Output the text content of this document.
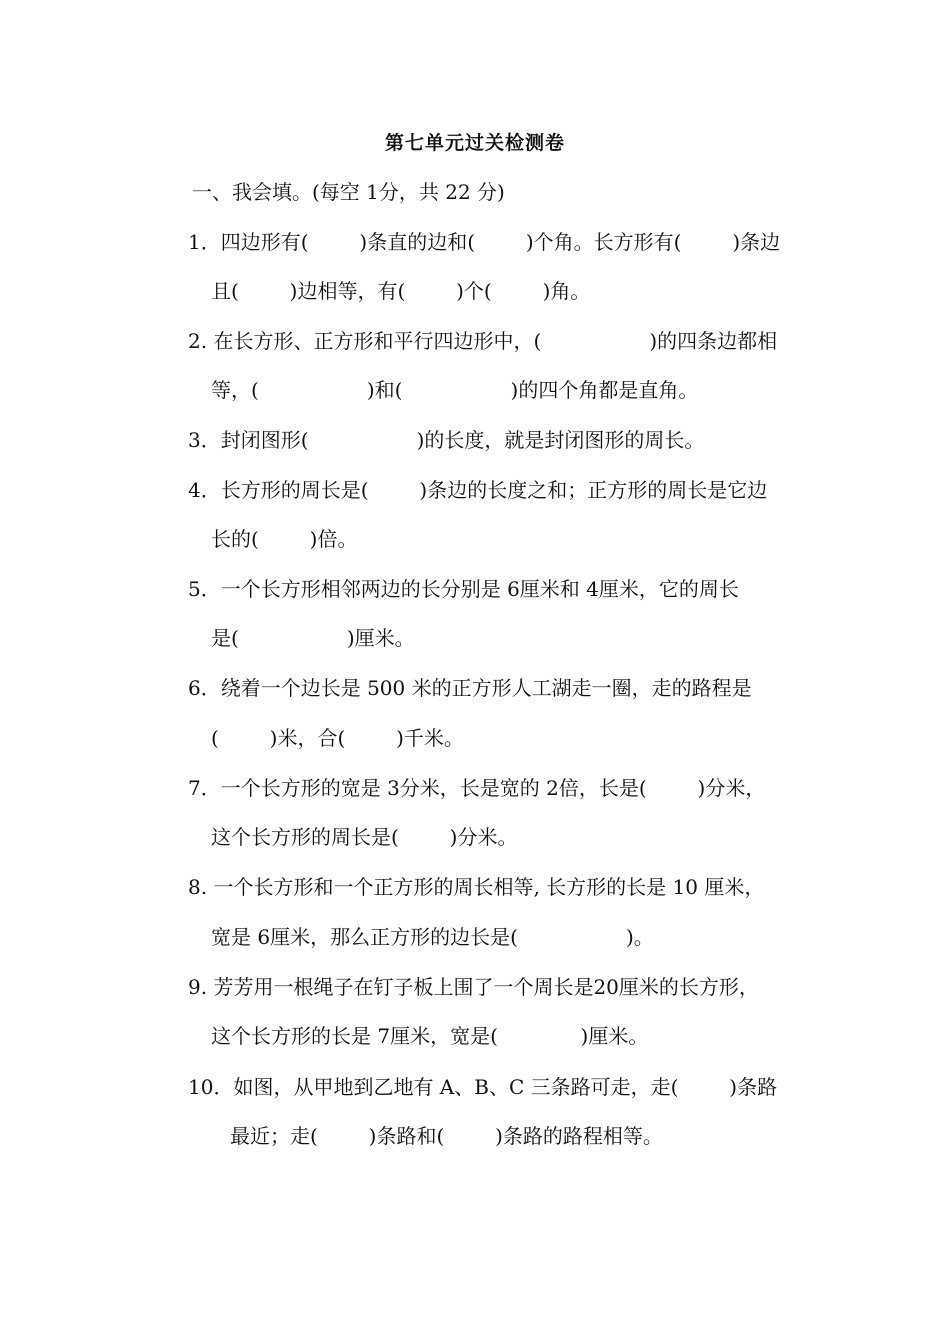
第七单元过关检测卷
一、我会填。(每空 1分，共 22 分)
1．四边形有(        )条直的边和(        )个角。长方形有(        )条边
且(        )边相等，有(        )个(        )角。
2. 在长方形、正方形和平行四边形中，(                 )的四条边都相
等，(                 )和(                 )的四个角都是直角。
3．封闭图形(                 )的长度，就是封闭图形的周长。
4．长方形的周长是(        )条边的长度之和；正方形的周长是它边
长的(        )倍。
5．一个长方形相邻两边的长分别是 6厘米和 4厘米，它的周长
是(                 )厘米。
6．绕着一个边长是 500 米的正方形人工湖走一圈，走的路程是
(        )米，合(        )千米。
7．一个长方形的宽是 3分米，长是宽的 2倍，长是(        )分米，
这个长方形的周长是(        )分米。
8. 一个长方形和一个正方形的周长相等, 长方形的长是 10 厘米，
宽是 6厘米，那么正方形的边长是(                 )。
9. 芳芳用一根绳子在钉子板上围了一个周长是20厘米的长方形，
这个长方形的长是 7厘米，宽是(             )厘米。
10．如图，从甲地到乙地有 A、B、C 三条路可走，走(        )条路
最近；走(        )条路和(        )条路的路程相等。
